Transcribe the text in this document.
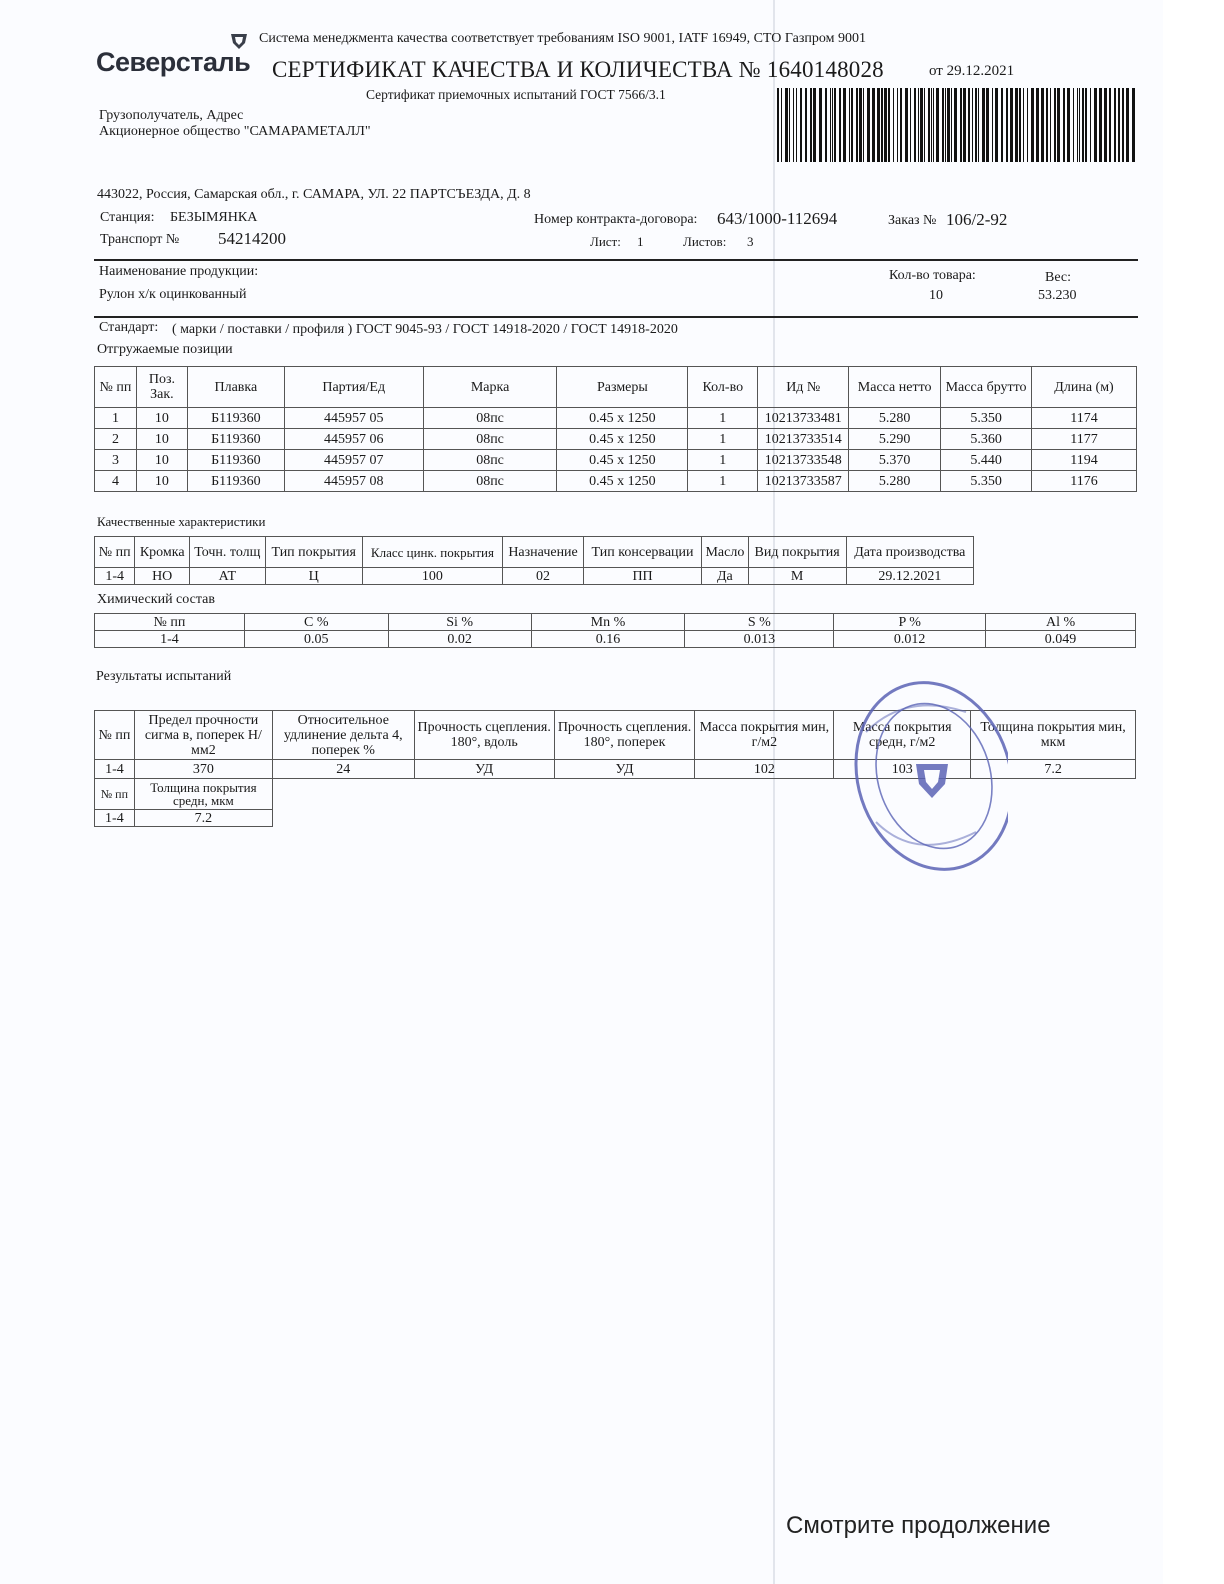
Система менеджмента качества соответствует требованиям ISO 9001, IATF 16949, СТО Газпром 9001
Северсталь СЕРТИФИКАТ КАЧЕСТВА И КОЛИЧЕСТВА № 1640148028	от 29.12.2021
Сертификат приемочных испытаний ГОСТ 7566/3.1
Грузополучатель, Адрес
Акционерное общество "САМАРАМЕТАЛЛ"
443022, Россия, Самарская обл., г. САМАРА, УЛ. 22 ПАРТСЪЕЗДА, Д. 8
Станция: БЕЗЫМЯНКА
Транспорт № 54214200
Номер контракта-договора: 643/1000-112694	Заказ № 106/2-92
Лист: 1	Листов: 3
Наименование продукции:
Рулон х/к оцинкованный
Кол-во товара:
10
Вес:
53.230
Стандарт: ( марки / поставки / профиля ) ГОСТ 9045-93 / ГОСТ 14918-2020 / ГОСТ 14918-2020
Отгружаемые позиции
№ пп	Поз. Зак.	Плавка	Партия/Ед	Марка	Размеры	Кол-во	Ид №	Масса нетто	Масса брутто	Длина (м)
1	10	Б119360	445957 05	08пс	0.45 x 1250	1	10213733481	5.280	5.350	1174
2	10	Б119360	445957 06	08пс	0.45 x 1250	1	10213733514	5.290	5.360	1177
3	10	Б119360	445957 07	08пс	0.45 x 1250	1	10213733548	5.370	5.440	1194
4	10	Б119360	445957 08	08пс	0.45 x 1250	1	10213733587	5.280	5.350	1176
Качественные характеристики
№ пп	Кромка	Точн. толщ	Тип покрытия	Класс цинк. покрытия	Назначение	Тип консервации	Масло	Вид покрытия	Дата производства
1-4	НО	АТ	Ц	100	02	ПП	Да	М	29.12.2021
Химический состав
№ пп	C %	Si %	Mn %	S %	P %	Al %
1-4	0.05	0.02	0.16	0.013	0.012	0.049
Результаты испытаний
№ пп	Предел прочности сигма в, поперек Н/мм2	Относительное удлинение дельта 4, поперек %	Прочность сцепления. 180°, вдоль	Прочность сцепления. 180°, поперек	Масса покрытия мин, г/м2	Масса покрытия средн, г/м2	Толщина покрытия мин, мкм
1-4	370	24	УД	УД	102	103	7.2
№ пп	Толщина покрытия средн, мкм
1-4	7.2
Смотрите продолжение
